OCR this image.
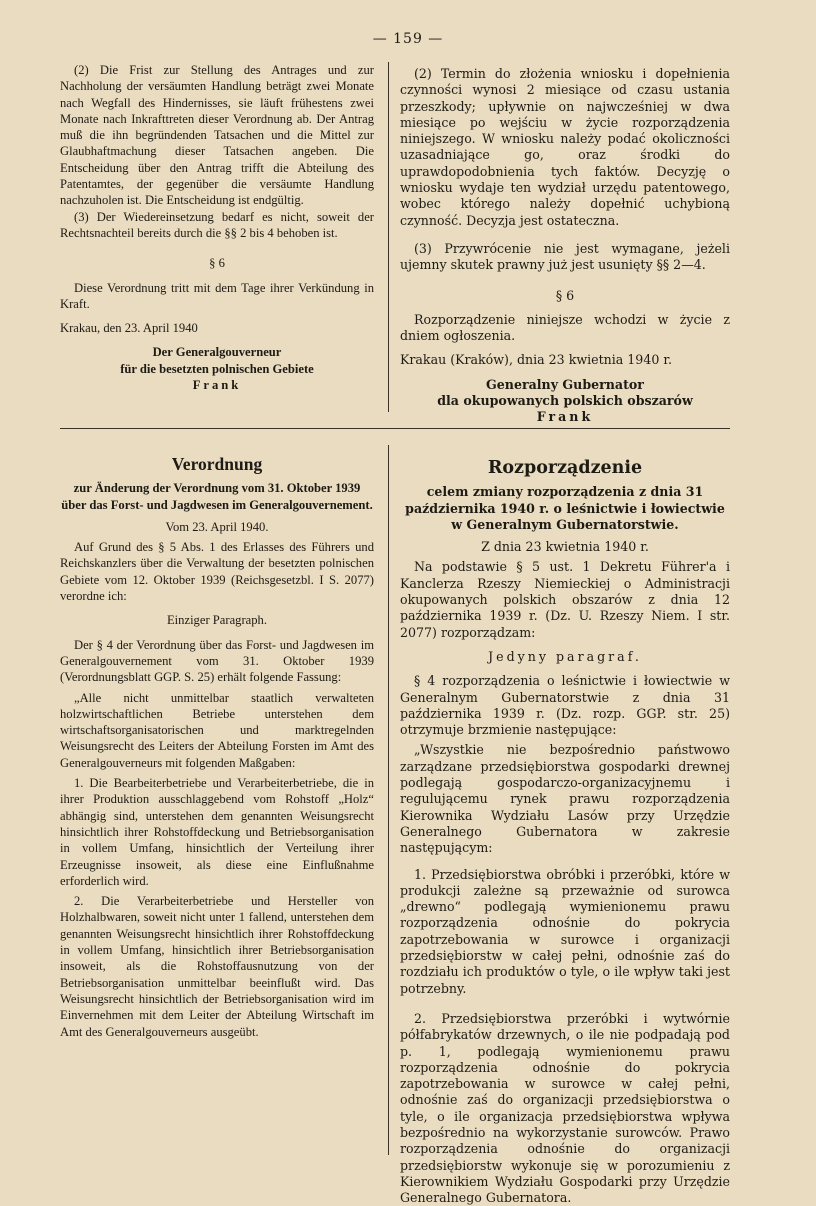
— 159 —

(2) Die Frist zur Stellung des Antrages und zur Nachholung der versäumten Handlung beträgt zwei Monate nach Wegfall des Hindernisses, sie läuft frühestens zwei Monate nach Inkrafttreten dieser Verordnung ab. Der Antrag muß die ihn begründenden Tatsachen und die Mittel zur Glaubhaftmachung dieser Tatsachen angeben. Die Entscheidung über den Antrag trifft die Abteilung des Patentamtes, der gegenüber die versäumte Handlung nachzuholen ist. Die Entscheidung ist endgültig.

(3) Der Wiedereinsetzung bedarf es nicht, soweit der Rechtsnachteil bereits durch die §§ 2 bis 4 behoben ist.

§ 6

Diese Verordnung tritt mit dem Tage ihrer Verkündung in Kraft.

Krakau, den 23. April 1940

Der Generalgouverneur

für die besetzten polnischen Gebiete

Frank

(2) Termin do złożenia wniosku i dopełnienia czynności wynosi 2 miesiące od czasu ustania przeszkody; upływnie on najwcześniej w dwa miesiące po wejściu w życie rozporządzenia niniejszego. W wniosku należy podać okoliczności uzasadniające go, oraz środki do uprawdopodobnienia tych faktów. Decyzję o wniosku wydaje ten wydział urzędu patentowego, wobec którego należy dopełnić uchybioną czynność. Decyzja jest ostateczna.

(3) Przywrócenie nie jest wymagane, jeżeli ujemny skutek prawny już jest usunięty §§ 2—4.

§ 6

Rozporządzenie niniejsze wchodzi w życie z dniem ogłoszenia.

Krakau (Kraków), dnia 23 kwietnia 1940 r.

Generalny Gubernator

dla okupowanych polskich obszarów

Frank

Verordnung

zur Änderung der Verordnung vom 31. Oktober 1939 über das Forst- und Jagdwesen im Generalgouvernement.

Vom 23. April 1940.

Auf Grund des § 5 Abs. 1 des Erlasses des Führers und Reichskanzlers über die Verwaltung der besetzten polnischen Gebiete vom 12. Oktober 1939 (Reichsgesetzbl. I S. 2077) verordne ich:

Einziger Paragraph.

Der § 4 der Verordnung über das Forst- und Jagdwesen im Generalgouvernement vom 31. Oktober 1939 (Verordnungsblatt GGP. S. 25) erhält folgende Fassung:

„Alle nicht unmittelbar staatlich verwalteten holzwirtschaftlichen Betriebe unterstehen dem wirtschaftsorganisatorischen und marktregelnden Weisungsrecht des Leiters der Abteilung Forsten im Amt des Generalgouverneurs mit folgenden Maßgaben:

1. Die Bearbeiterbetriebe und Verarbeiterbetriebe, die in ihrer Produktion ausschlaggebend vom Rohstoff „Holz“ abhängig sind, unterstehen dem genannten Weisungsrecht hinsichtlich ihrer Rohstoffdeckung und Betriebsorganisation in vollem Umfang, hinsichtlich der Verteilung ihrer Erzeugnisse insoweit, als diese eine Einflußnahme erforderlich wird.

2. Die Verarbeiterbetriebe und Hersteller von Holzhalbwaren, soweit nicht unter 1 fallend, unterstehen dem genannten Weisungsrecht hinsichtlich ihrer Rohstoffdeckung in vollem Umfang, hinsichtlich ihrer Betriebsorganisation insoweit, als die Rohstoffausnutzung von der Betriebsorganisation unmittelbar beeinflußt wird. Das Weisungsrecht hinsichtlich der Betriebsorganisation wird im Einvernehmen mit dem Leiter der Abteilung Wirtschaft im Amt des Generalgouverneurs ausgeübt.

Rozporządzenie

celem zmiany rozporządzenia z dnia 31 października 1940 r. o leśnictwie i łowiectwie w Generalnym Gubernatorstwie.

Z dnia 23 kwietnia 1940 r.

Na podstawie § 5 ust. 1 Dekretu Führer'a i Kanclerza Rzeszy Niemieckiej o Administracji okupowanych polskich obszarów z dnia 12 października 1939 r. (Dz. U. Rzeszy Niem. I str. 2077) rozporządzam:

Jedyny paragraf.

§ 4 rozporządzenia o leśnictwie i łowiectwie w Generalnym Gubernatorstwie z dnia 31 października 1939 r. (Dz. rozp. GGP. str. 25) otrzymuje brzmienie następujące:

„Wszystkie nie bezpośrednio państwowo zarządzane przedsiębiorstwa gospodarki drewnej podlegają gospodarczo-organizacyjnemu i regulującemu rynek prawu rozporządzenia Kierownika Wydziału Lasów przy Urzędzie Generalnego Gubernatora w zakresie następującym:

1. Przedsiębiorstwa obróbki i przeróbki, które w produkcji zależne są przeważnie od surowca „drewno“ podlegają wymienionemu prawu rozporządzenia odnośnie do pokrycia zapotrzebowania w surowce i organizacji przedsiębiorstw w całej pełni, odnośnie zaś do rozdziału ich produktów o tyle, o ile wpływ taki jest potrzebny.

2. Przedsiębiorstwa przeróbki i wytwórnie półfabrykatów drzewnych, o ile nie podpadają pod p. 1, podlegają wymienionemu prawu rozporządzenia odnośnie do pokrycia zapotrzebowania w surowce w całej pełni, odnośnie zaś do organizacji przedsiębiorstwa o tyle, o ile organizacja przedsiębiorstwa wpływa bezpośrednio na wykorzystanie surowców. Prawo rozporządzenia odnośnie do organizacji przedsiębiorstw wykonuje się w porozumieniu z Kierownikiem Wydziału Gospodarki przy Urzędzie Generalnego Gubernatora.
